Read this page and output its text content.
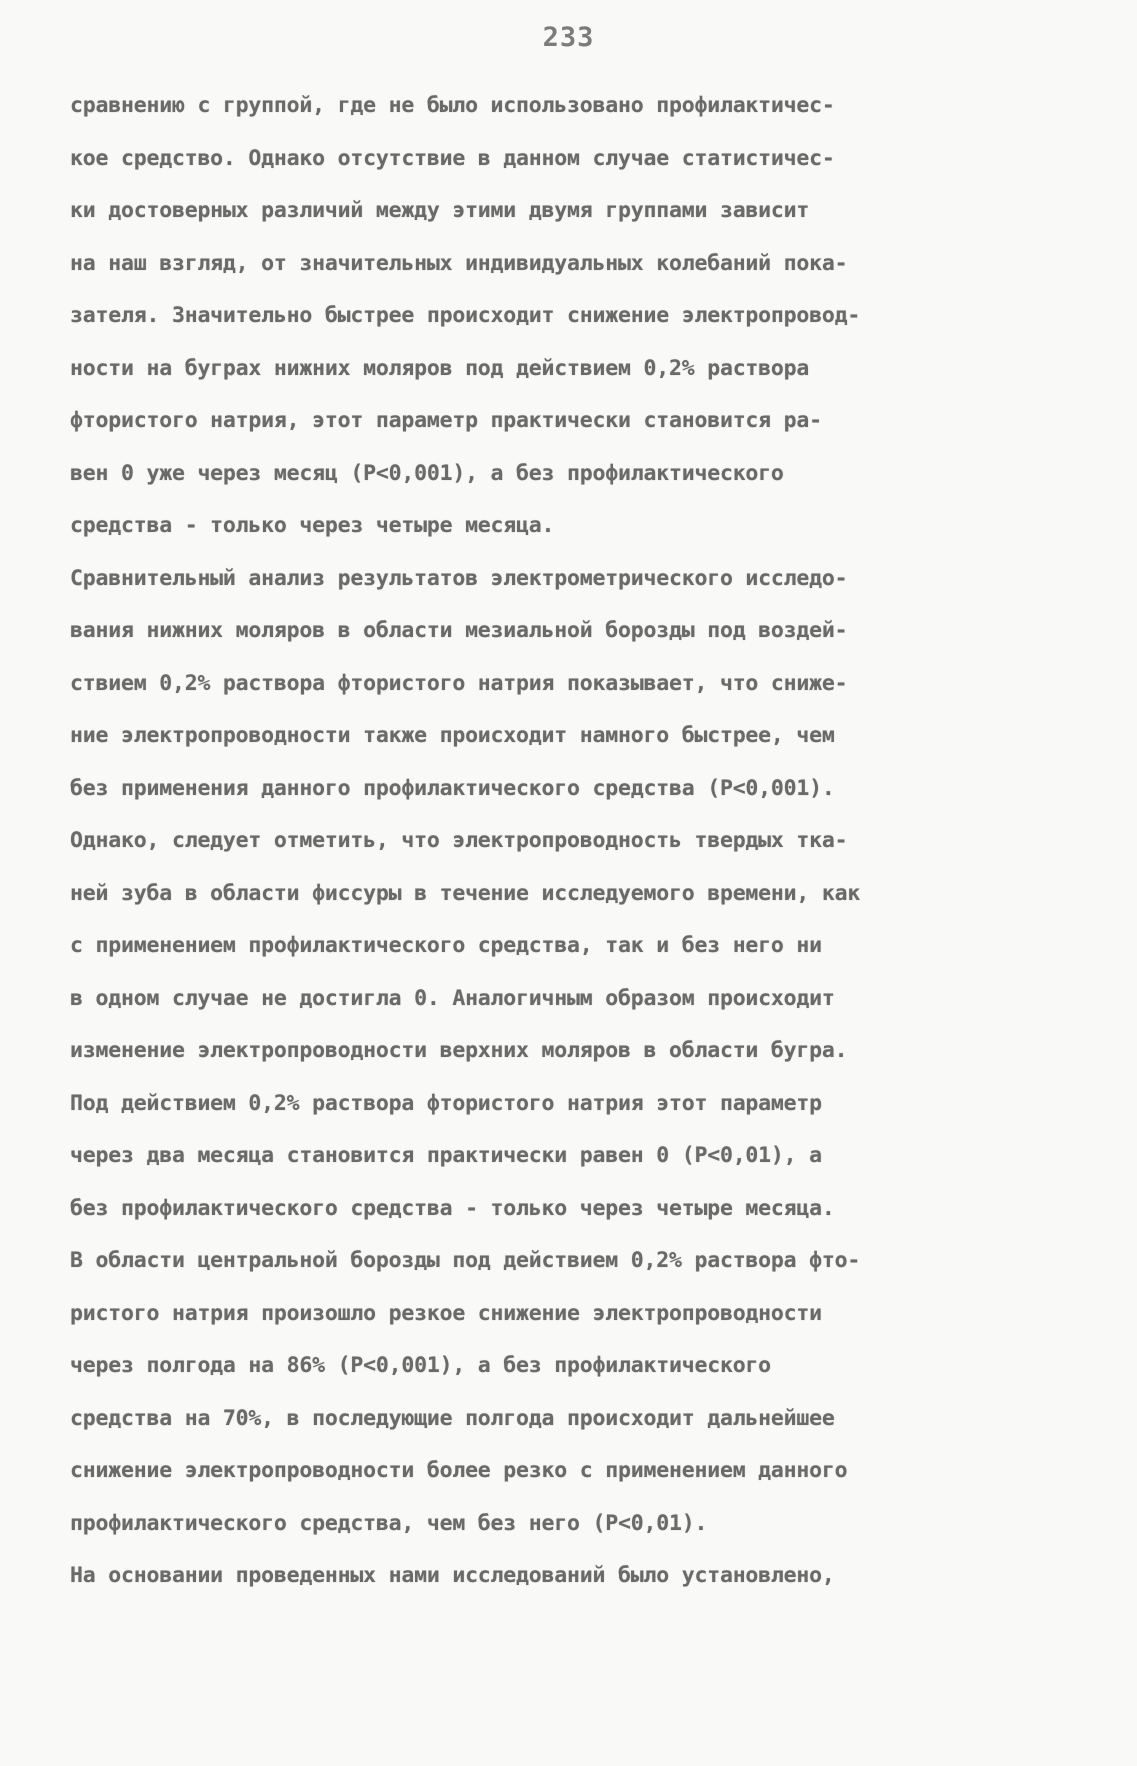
233
сравнению с группой, где не было использовано профилактичес-
кое средство. Однако отсутствие в данном случае статистичес-
ки достоверных различий между этими двумя группами зависит
на наш взгляд, от значительных индивидуальных колебаний пока-
зателя. Значительно быстрее происходит снижение электропровод-
ности на буграх нижних моляров под действием 0,2% раствора
фтористого натрия, этот параметр практически становится ра-
вен 0 уже через месяц (P<0,001), а без профилактического
средства - только через четыре месяца.
Сравнительный анализ результатов электрометрического исследо-
вания нижних моляров в области мезиальной борозды под воздей-
ствием 0,2% раствора фтористого натрия показывает, что сниже-
ние электропроводности также происходит намного быстрее, чем
без применения данного профилактического средства (P<0,001).
Однако, следует отметить, что электропроводность твердых тка-
ней зуба в области фиссуры в течение исследуемого времени, как
с применением профилактического средства, так и без него ни
в одном случае не достигла 0. Аналогичным образом происходит
изменение электропроводности верхних моляров в области бугра.
Под действием 0,2% раствора фтористого натрия этот параметр
через два месяца становится практически равен 0 (P<0,01), а
без профилактического средства - только через четыре месяца.
В области центральной борозды под действием 0,2% раствора фто-
ристого натрия произошло резкое снижение электропроводности
через полгода на 86% (P<0,001), а без профилактического
средства на 70%, в последующие полгода происходит дальнейшее
снижение электропроводности более резко с применением данного
профилактического средства, чем без него (P<0,01).
На основании проведенных нами исследований было установлено,
